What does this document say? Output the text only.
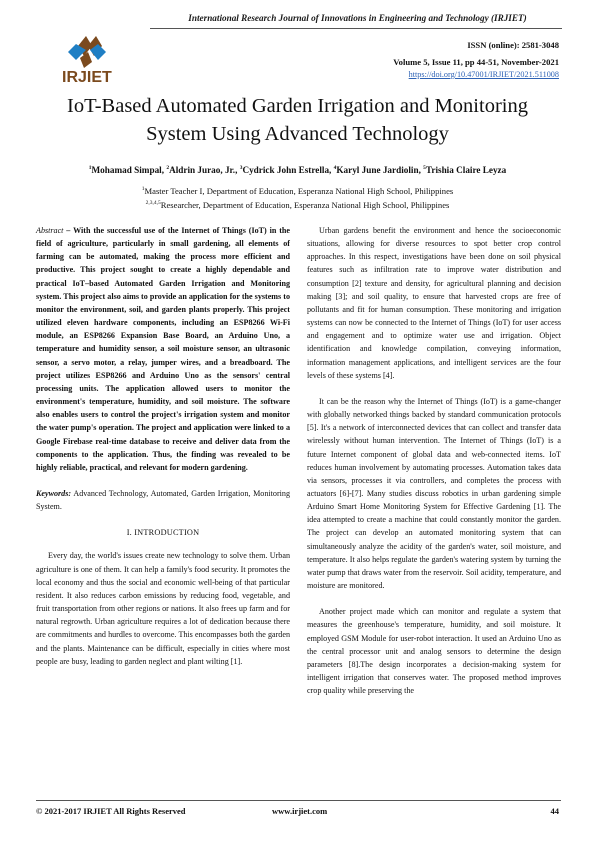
International Research Journal of Innovations in Engineering and Technology (IRJIET)
IRJIET
ISSN (online): 2581-3048
Volume 5, Issue 11, pp 44-51, November-2021
https://doi.org/10.47001/IRJIET/2021.511008
IoT-Based Automated Garden Irrigation and Monitoring
System Using Advanced Technology
$^1$Mohamad Simpal, $^2$Aldrin Jurao, Jr., $^3$Cydrick John Estrella, $^4$Karyl June Jardiolin, $^5$Trishia Claire Leyza
$^1$Master Teacher I, Department of Education, Esperanza National High School, Philippines
$^{2,3,4,5}$Researcher, Department of Education, Esperanza National High School, Philippines

Abstract – With the successful use of the Internet of Things (IoT) in the field of agriculture, particularly in small gardening, all elements of farming can be automated, making the process more efficient and productive. This project sought to create a highly dependable and practical IoT–based Automated Garden Irrigation and Monitoring system. This project also aims to provide an application for the systems to monitor the environment, soil, and garden plants properly. This project utilized eleven hardware components, including an ESP8266 Wi-Fi module, an ESP8266 Expansion Base Board, an Arduino Uno, a temperature and humidity sensor, a soil moisture sensor, an ultrasonic sensor, a servo motor, a relay, jumper wires, and a breadboard. The project utilizes ESP8266 and Arduino Uno as the sensors' central processing units. The application allowed users to monitor the environment's temperature, humidity, and soil moisture. The software also enables users to control the project's irrigation system and monitor the water pump's operation. The project and application were linked to a Google Firebase real-time database to receive and deliver data from the components to the application. Thus, the finding was revealed to be highly reliable, practical, and relevant for modern gardening.

Keywords: Advanced Technology, Automated, Garden Irrigation, Monitoring System.

I. INTRODUCTION

Every day, the world's issues create new technology to solve them. Urban agriculture is one of them. It can help a family's food security. It promotes the local economy and thus the social and economic well-being of that particular resident. It also reduces carbon emissions by reducing food, vegetable, and fruit transportation from other regions or nations. It also frees up farm and for natural regrowth. Urban agriculture requires a lot of dedication because there are commitments and hurdles to overcome. This encompasses both the garden and the plants. Maintenance can be difficult, especially in cities where most people are busy, leading to garden neglect and plant wilting [1].

Urban gardens benefit the environment and hence the socioeconomic situations, allowing for diverse resources to spot better crop control approaches. In this respect, investigations have been done on soil physical features such as infiltration rate to improve water distribution and consumption [2] texture and density, for agricultural planning and decision making [3]; and soil quality, to ensure that harvested crops are free of pollutants and fit for human consumption. These monitoring and irrigation systems can now be connected to the Internet of Things (IoT) for user access and engagement and to optimize water use and irrigation. Object identification and knowledge compilation, conveying information, information management applications, and intelligent services are the four levels of these systems [4].

It can be the reason why the Internet of Things (IoT) is a game-changer with globally networked things backed by standard communication protocols [5]. It's a network of interconnected devices that can collect and transfer data wirelessly without human intervention. The Internet of Things (IoT) is a future Internet component of global data and web-connected items. IoT reduces human involvement by automating processes. Automation takes data via sensors, processes it via controllers, and completes the process with actuators [6]-[7]. Many studies discuss robotics in urban gardening simple Arduino Smart Home Monitoring System for Effective Gardening [1]. The idea attempted to create a machine that could constantly monitor the garden. The project can develop an automated monitoring system that can simultaneously analyze the acidity of the garden's water, soil moisture, and temperature. It also helps regulate the garden's watering system by turning the water pump that draws water from the reservoir. Soil acidity, temperature, and moisture are monitored.

Another project made which can monitor and regulate a system that measures the greenhouse's temperature, humidity, and soil moisture. It employed GSM Module for user-robot interaction. It used an Arduino Uno as the central processor unit and analog sensors to determine the design parameters [8].The design incorporates a decision-making system for intelligent irrigation that conserves water. The proposed method improves crop quality while preserving the

© 2021-2017 IRJIET All Rights Reserved	www.irjiet.com	44
